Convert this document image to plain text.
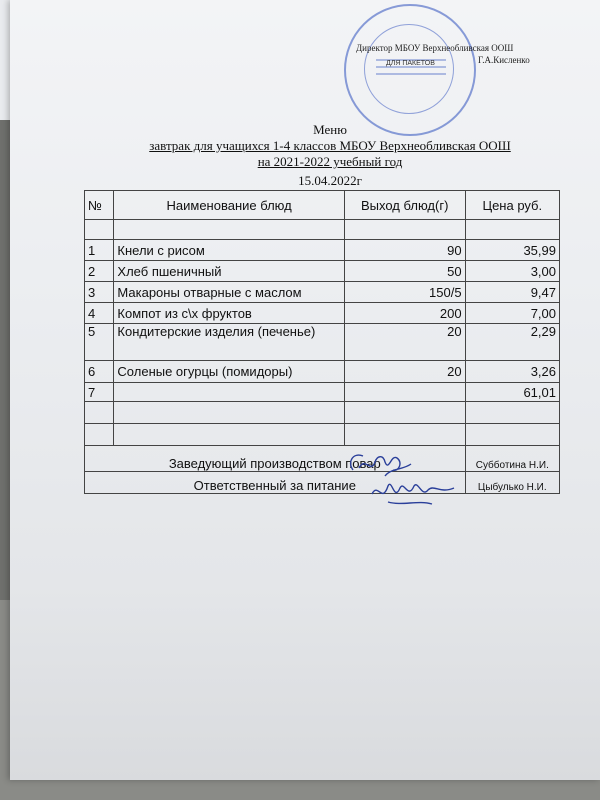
Директор МБОУ Верхнеобливская ООШ
Г.А.Кисленко
ДЛЯ ПАКЕТОВ
Меню
завтрак для учащихся 1-4 классов МБОУ Верхнеобливская ООШ
на 2021-2022 учебный год
15.04.2022г
№	Наименование блюд	Выход блюд(г)	Цена руб.

1	Кнели с рисом	90	35,99
2	Хлеб пшеничный	50	3,00
3	Макароны отварные с маслом	150/5	9,47
4	Компот из с\х фруктов	200	7,00
5	Кондитерские изделия (печенье)	20	2,29
6	Соленые огурцы (помидоры)	20	3,26
7			61,01

Заведующий производством повар			Субботина Н.И.
Ответственный за питание			Цыбулько Н.И.
